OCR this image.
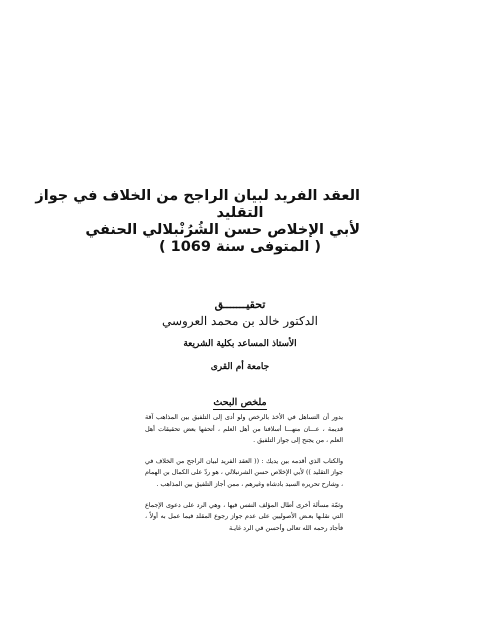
العقد الفريد لبيان الراجح من الخلاف في جواز
التقليد
لأبي الإخلاص حسن الشُرُنْبلالي الحنفي
( المتوفى سنة 1069 )
تحقيـــــــق
الدكتور خالد بن محمد العروسي
الأستاذ المساعد بكلية الشريعة
جامعة أم القرى
ملخص البحث

يدور أن التساهل في الأخذ بالرخص ولو أدى إلى التلفيق بين المذاهب آفة قديمة ، عـــان منهـــا أسلافنا من أهل العلم ، أتحفها بعض تحقيقات أهل العلم ، من يجنح إلى جواز التلفيق .

والكتاب الذي أقدمه بين يديك : (( العقد الفريد لبيان الراجح من الخلاف في جواز التقليد )) لأبي الإخلاص حسن الشرنبلالي ، هو ردّ على الكمال بن الهمام ، وشارح تحريره السيد بادشاه وغيرهم ، ممن أجاز التلفيق بين المذاهب .

وثمّة مسألة أخرى أطال المؤلف النفس فيها ، وهي الرد على دعوى الإجماع التي نقلـها بعـض الأصوليين على عدم جواز رجوع المقلد فيما عمل به أولاً ، فأجاد رحمه الله تعالى وأحسن في الرد غايـة
